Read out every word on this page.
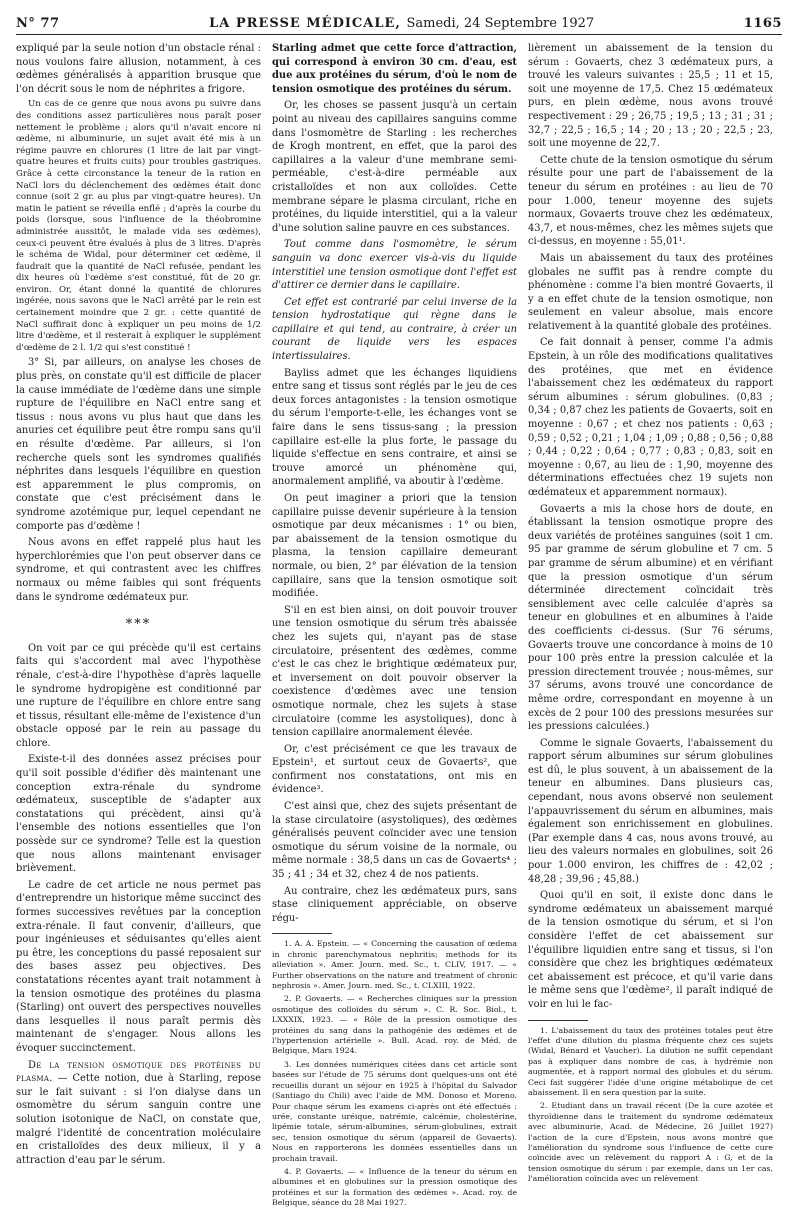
N° 77	LA PRESSE MÉDICALE, Samedi, 24 Septembre 1927	1165

expliqué par la seule notion d'un obstacle rénal : nous voulons faire allusion, notamment, à ces œdèmes généralisés à apparition brusque que l'on décrit sous le nom de néphrites a frigore.

Un cas de ce genre que nous avons pu suivre dans des conditions assez particulières nous paraît poser nettement le problème ; alors qu'il n'avait encore ni œdème, ni albuminurie, un sujet avait été mis à un régime pauvre en chlorures (1 litre de lait par vingt-quatre heures et fruits cuits) pour troubles gastriques. Grâce à cette circonstance la teneur de la ration en NaCl lors du déclenchement des œdèmes était donc connue (soit 2 gr. au plus par vingt-quatre heures). Un matin le patient se réveilla enflé ; d'après la courbe du poids (lorsque, sous l'influence de la théobromine administrée aussitôt, le malade vida ses œdèmes), ceux-ci peuvent être évalués à plus de 3 litres. D'après le schéma de Widal, pour déterminer cet œdème, il faudrait que la quantité de NaCl refusée, pendant les dix heures où l'œdème s'est constitué, fût de 20 gr. environ. Or, étant donné la quantité de chlorures ingérée, nous savons que le NaCl arrêté par le rein est certainement moindre que 2 gr. : cette quantité de NaCl suffirait donc à expliquer un peu moins de 1/2 litre d'œdème, et il resterait à expliquer le supplément d'œdème de 2 l. 1/2 qui s'est constitué !

3° Si, par ailleurs, on analyse les choses de plus près, on constate qu'il est difficile de placer la cause immédiate de l'œdème dans une simple rupture de l'équilibre en NaCl entre sang et tissus : nous avons vu plus haut que dans les anuries cet équilibre peut être rompu sans qu'il en résulte d'œdème. Par ailleurs, si l'on recherche quels sont les syndromes qualifiés néphrites dans lesquels l'équilibre en question est apparemment le plus compromis, on constate que c'est précisément dans le syndrome azotémique pur, lequel cependant ne comporte pas d'œdème !

Nous avons en effet rappelé plus haut les hyperchlorémies que l'on peut observer dans ce syndrome, et qui contrastent avec les chiffres normaux ou même faibles qui sont fréquents dans le syndrome œdémateux pur.

***

On voit par ce qui précède qu'il est certains faits qui s'accordent mal avec l'hypothèse rénale, c'est-à-dire l'hypothèse d'après laquelle le syndrome hydropigène est conditionné par une rupture de l'équilibre en chlore entre sang et tissus, résultant elle-même de l'existence d'un obstacle opposé par le rein au passage du chlore.

Existe-t-il des données assez précises pour qu'il soit possible d'édifier dès maintenant une conception extra-rénale du syndrome œdémateux, susceptible de s'adapter aux constatations qui précèdent, ainsi qu'à l'ensemble des notions essentielles que l'on possède sur ce syndrome? Telle est la question que nous allons maintenant envisager brièvement.

Le cadre de cet article ne nous permet pas d'entreprendre un historique même succinct des formes successives revêtues par la conception extra-rénale. Il faut convenir, d'ailleurs, que pour ingénieuses et séduisantes qu'elles aient pu être, les conceptions du passé reposaient sur des bases assez peu objectives. Des constatations récentes ayant trait notamment à la tension osmotique des protéines du plasma (Starling) ont ouvert des perspectives nouvelles dans lesquelles il nous paraît permis dès maintenant de s'engager. Nous allons les évoquer succinctement.

De la tension osmotique des protéines du plasma. — Cette notion, due à Starling, repose sur le fait suivant : si l'on dialyse dans un osmomètre du sérum sanguin contre une solution isotonique de NaCl, on constate que, malgré l'identité de concentration moléculaire en cristalloïdes des deux milieux, il y a attraction d'eau par le sérum.

Starling admet que cette force d'attraction, qui correspond à environ 30 cm. d'eau, est due aux protéines du sérum, d'où le nom de tension osmotique des protéines du sérum.

Or, les choses se passent jusqu'à un certain point au niveau des capillaires sanguins comme dans l'osmomètre de Starling : les recherches de Krogh montrent, en effet, que la paroi des capillaires a la valeur d'une membrane semi-perméable, c'est-à-dire perméable aux cristalloïdes et non aux colloïdes. Cette membrane sépare le plasma circulant, riche en protéines, du liquide interstitiel, qui a la valeur d'une solution saline pauvre en ces substances.

Tout comme dans l'osmomètre, le sérum sanguin va donc exercer vis-à-vis du liquide interstitiel une tension osmotique dont l'effet est d'attirer ce dernier dans le capillaire.

Cet effet est contrarié par celui inverse de la tension hydrostatique qui règne dans le capillaire et qui tend, au contraire, à créer un courant de liquide vers les espaces intertissulaires.

Bayliss admet que les échanges liquidiens entre sang et tissus sont réglés par le jeu de ces deux forces antagonistes : la tension osmotique du sérum l'emporte-t-elle, les échanges vont se faire dans le sens tissus-sang ; la pression capillaire est-elle la plus forte, le passage du liquide s'effectue en sens contraire, et ainsi se trouve amorcé un phénomène qui, anormalement amplifié, va aboutir à l'œdème.

On peut imaginer a priori que la tension capillaire puisse devenir supérieure à la tension osmotique par deux mécanismes : 1° ou bien, par abaissement de la tension osmotique du plasma, la tension capillaire demeurant normale, ou bien, 2° par élévation de la tension capillaire, sans que la tension osmotique soit modifiée.

S'il en est bien ainsi, on doit pouvoir trouver une tension osmotique du sérum très abaissée chez les sujets qui, n'ayant pas de stase circulatoire, présentent des œdèmes, comme c'est le cas chez le brightique œdémateux pur, et inversement on doit pouvoir observer la coexistence d'œdèmes avec une tension osmotique normale, chez les sujets à stase circulatoire (comme les asystoliques), donc à tension capillaire anormalement élevée.

Or, c'est précisément ce que les travaux de Epstein¹, et surtout ceux de Govaerts², que confirment nos constatations, ont mis en évidence³.

C'est ainsi que, chez des sujets présentant de la stase circulatoire (asystoliques), des œdèmes généralisés peuvent coïncider avec une tension osmotique du sérum voisine de la normale, ou même normale : 38,5 dans un cas de Govaerts⁴ ; 35 ; 41 ; 34 et 32, chez 4 de nos patients.

Au contraire, chez les œdémateux purs, sans stase cliniquement appréciable, on observe régu-

1. A. A. Epstein. — « Concerning the causation of œdema in chronic parenchymatous nephritis; methods for its alleviation ». Amer. Journ. med. Sc., t. CLIV, 1917. — « Further observations on the nature and treatment of chronic nephrosis ». Amer. Journ. med. Sc., t. CLXIII, 1922.

2. P. Govaerts. — « Recherches cliniques sur la pression osmotique des colloïdes du sérum ». C. R. Soc. Biol., t. LXXXIX, 1923. — « Rôle de la pression osmotique des protéines du sang dans la pathogénie des œdèmes et de l'hypertension artérielle ». Bull. Acad. roy. de Méd. de Belgique, Mars 1924.

3. Les données numériques citées dans cet article sont basées sur l'étude de 75 sérums dont quelques-uns ont été recueillis durant un séjour en 1925 à l'hôpital du Salvador (Santiago du Chili) avec l'aide de MM. Donoso et Moreno. Pour chaque sérum les examens ci-après ont été effectués : urée, constante uréique, natrémie, calcémie, cholestérine, lipémie totale, sérum-albumines, sérum-globulines, extrait sec, tension osmotique du sérum (appareil de Govaerts). Nous en rapporterons les données essentielles dans un prochain travail.

4. P. Govaerts. — « Influence de la teneur du sérum en albumines et en globulines sur la pression osmotique des protéines et sur la formation des œdèmes ». Acad. roy. de Belgique, séance du 28 Mai 1927.

lièrement un abaissement de la tension du sérum : Govaerts, chez 3 œdémateux purs, a trouvé les valeurs suivantes : 25,5 ; 11 et 15, soit une moyenne de 17,5. Chez 15 œdémateux purs, en plein œdème, nous avons trouvé respectivement : 29 ; 26,75 ; 19,5 ; 13 ; 31 ; 31 ; 32,7 ; 22,5 ; 16,5 ; 14 ; 20 ; 13 ; 20 ; 22,5 ; 23, soit une moyenne de 22,7.

Cette chute de la tension osmotique du sérum résulte pour une part de l'abaissement de la teneur du sérum en protéines : au lieu de 70 pour 1.000, teneur moyenne des sujets normaux, Govaerts trouve chez les œdémateux, 43,7, et nous-mêmes, chez les mêmes sujets que ci-dessus, en moyenne : 55,01¹.

Mais un abaissement du taux des protéines globales ne suffit pas à rendre compte du phénomène : comme l'a bien montré Govaerts, il y a en effet chute de la tension osmotique, non seulement en valeur absolue, mais encore relativement à la quantité globale des protéines.

Ce fait donnait à penser, comme l'a admis Epstein, à un rôle des modifications qualitatives des protéines, que met en évidence l'abaissement chez les œdémateux du rapport sérum albumines : sérum globulines. (0,83 ; 0,34 ; 0,87 chez les patients de Govaerts, soit en moyenne : 0,67 ; et chez nos patients : 0,63 ; 0,59 ; 0,52 ; 0,21 ; 1,04 ; 1,09 ; 0,88 ; 0,56 ; 0,88 ; 0,44 ; 0,22 ; 0,64 ; 0,77 ; 0,83 ; 0,83, soit en moyenne : 0,67, au lieu de : 1,90, moyenne des déterminations effectuées chez 19 sujets non œdémateux et apparemment normaux).

Govaerts a mis la chose hors de doute, en établissant la tension osmotique propre des deux variétés de protéines sanguines (soit 1 cm. 95 par gramme de sérum globuline et 7 cm. 5 par gramme de sérum albumine) et en vérifiant que la pression osmotique d'un sérum déterminée directement coïncidait très sensiblement avec celle calculée d'après sa teneur en globulines et en albumines à l'aide des coefficients ci-dessus. (Sur 76 sérums, Govaerts trouve une concordance à moins de 10 pour 100 près entre la pression calculée et la pression directement trouvée ; nous-mêmes, sur 37 sérums, avons trouvé une concordance de même ordre, correspondant en moyenne à un excès de 2 pour 100 des pressions mesurées sur les pressions calculées.)

Comme le signale Govaerts, l'abaissement du rapport sérum albumines sur sérum globulines est dû, le plus souvent, à un abaissement de la teneur en albumines. Dans plusieurs cas, cependant, nous avons observé non seulement l'appauvrissement du sérum en albumines, mais également son enrichissement en globulines. (Par exemple dans 4 cas, nous avons trouvé, au lieu des valeurs normales en globulines, soit 26 pour 1.000 environ, les chiffres de : 42,02 ; 48,28 ; 39,96 ; 45,88.)

Quoi qu'il en soit, il existe donc dans le syndrome œdémateux un abaissement marqué de la tension osmotique du sérum, et si l'on considère l'effet de cet abaissement sur l'équilibre liquidien entre sang et tissus, si l'on considère que chez les brightiques œdémateux cet abaissement est précoce, et qu'il varie dans le même sens que l'œdème², il paraît indiqué de voir en lui le fac-

1. L'abaissement du taux des protéines totales peut être l'effet d'une dilution du plasma fréquente chez ces sujets (Widal, Bénard et Vaucher). La dilution ne suffit cependant pas à expliquer dans nombre de cas, à hydrémie non augmentée, et à rapport normal des globules et du sérum. Ceci fait suggérer l'idée d'une origine métabolique de cet abaissement. Il en sera question par la suite.

2. Etudiant dans un travail récent (De la cure azotée et thyroïdienne dans le traitement du syndrome œdémateux avec albuminurie, Acad. de Médecine, 26 Juillet 1927) l'action de la cure d'Epstein, nous avons montré que l'amélioration du syndrome sous l'influence de cette cure coïncide avec un relèvement du rapport A : G, et de la tension osmotique du sérum : par exemple, dans un 1er cas, l'amélioration coïncida avec un relèvement
